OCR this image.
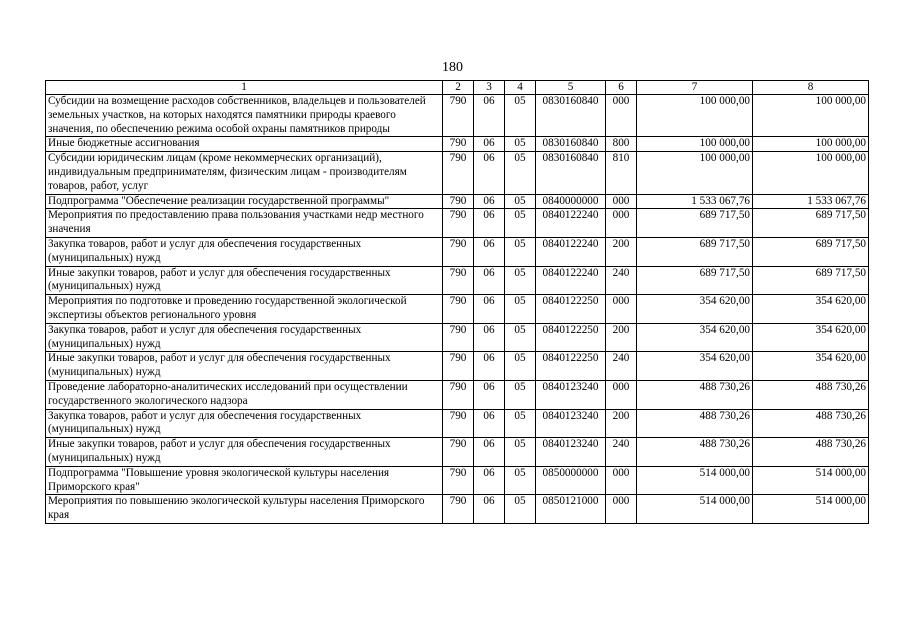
180
1	2	3	4	5	6	7	8
Субсидии на возмещение расходов собственников, владельцев и пользователей земельных участков, на которых находятся памятники природы краевого значения, по обеспечению режима особой охраны памятников природы	790	06	05	0830160840	000	100 000,00	100 000,00
Иные бюджетные ассигнования	790	06	05	0830160840	800	100 000,00	100 000,00
Субсидии юридическим лицам (кроме некоммерческих организаций), индивидуальным предпринимателям, физическим лицам - производителям товаров, работ, услуг	790	06	05	0830160840	810	100 000,00	100 000,00
Подпрограмма "Обеспечение реализации государственной программы"	790	06	05	0840000000	000	1 533 067,76	1 533 067,76
Мероприятия по предоставлению права пользования участками недр местного значения	790	06	05	0840122240	000	689 717,50	689 717,50
Закупка товаров, работ и услуг для обеспечения государственных (муниципальных) нужд	790	06	05	0840122240	200	689 717,50	689 717,50
Иные закупки товаров, работ и услуг для обеспечения государственных (муниципальных) нужд	790	06	05	0840122240	240	689 717,50	689 717,50
Мероприятия по подготовке и проведению государственной экологической экспертизы объектов регионального уровня	790	06	05	0840122250	000	354 620,00	354 620,00
Закупка товаров, работ и услуг для обеспечения государственных (муниципальных) нужд	790	06	05	0840122250	200	354 620,00	354 620,00
Иные закупки товаров, работ и услуг для обеспечения государственных (муниципальных) нужд	790	06	05	0840122250	240	354 620,00	354 620,00
Проведение лабораторно-аналитических исследований при осуществлении государственного экологического надзора	790	06	05	0840123240	000	488 730,26	488 730,26
Закупка товаров, работ и услуг для обеспечения государственных (муниципальных) нужд	790	06	05	0840123240	200	488 730,26	488 730,26
Иные закупки товаров, работ и услуг для обеспечения государственных (муниципальных) нужд	790	06	05	0840123240	240	488 730,26	488 730,26
Подпрограмма "Повышение уровня экологической культуры населения Приморского края"	790	06	05	0850000000	000	514 000,00	514 000,00
Мероприятия по повышению экологической культуры населения Приморского края	790	06	05	0850121000	000	514 000,00	514 000,00
